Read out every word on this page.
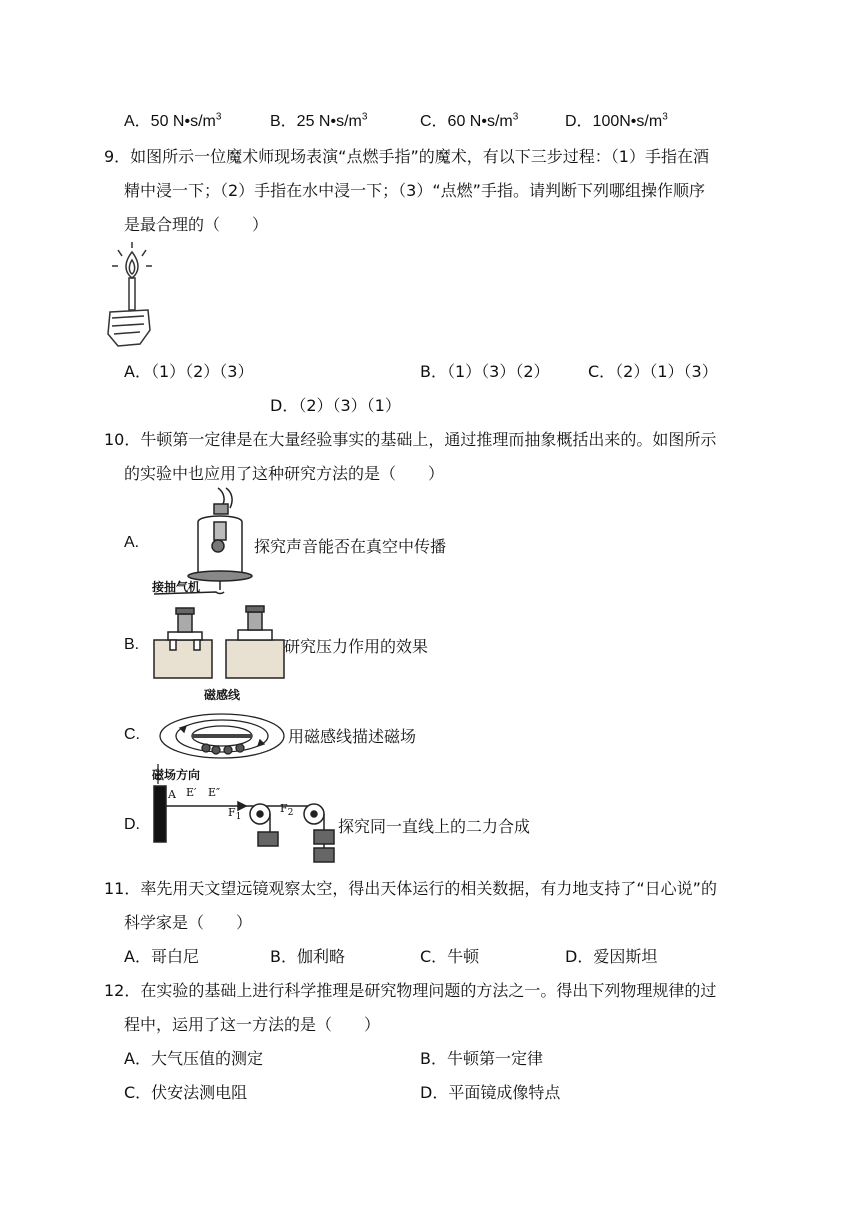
A．50 $N•s/m^3$	B．25 $N•s/m^3$	C．60 $N•s/m^3$	D．$100N•s/m^3$
9．如图所示一位魔术师现场表演“点燃手指”的魔术，有以下三步过程：（1）手指在酒
精中浸一下；（2）手指在水中浸一下；（3）“点燃”手指。请判断下列哪组操作顺序
是最合理的（　　）
A．（1）（2）（3）	B．（1）（3）（2） C．（2）（1）（3）
D．（2）（3）（1）
10．牛顿第一定律是在大量经验事实的基础上，通过推理而抽象概括出来的。如图所示
的实验中也应用了这种研究方法的是（　　）
A.
接抽气机
探究声音能否在真空中传播
B.	研究压力作用的效果
C.
磁感线
磁场方向
用磁感线描述磁场
D.
A E′ E″
$F_1$
$F_2$
探究同一直线上的二力合成
11．率先用天文望远镜观察太空，得出天体运行的相关数据，有力地支持了“日心说”的
科学家是（　　）
A．哥白尼	B．伽利略	C．牛顿	D．爱因斯坦
12．在实验的基础上进行科学推理是研究物理问题的方法之一。得出下列物理规律的过
程中，运用了这一方法的是（　　）
A．大气压值的测定	B．牛顿第一定律
C．伏安法测电阻	D．平面镜成像特点
